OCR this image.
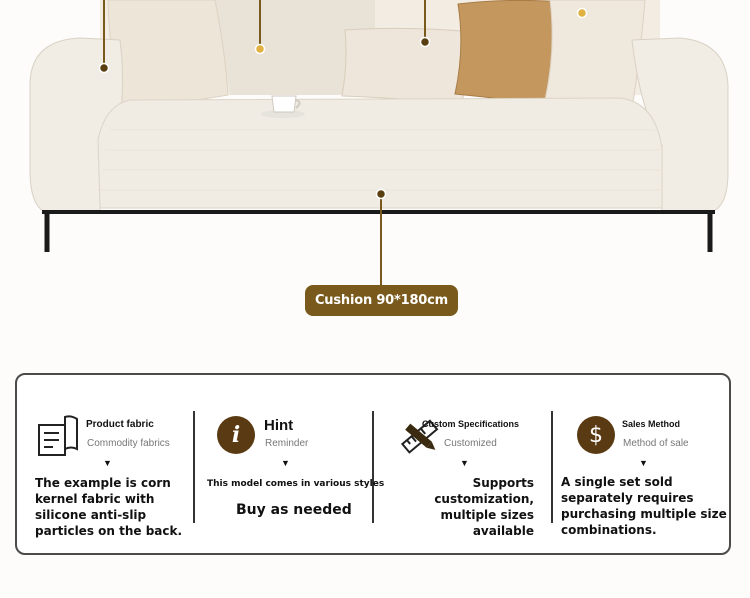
Cushion 90*180cm
Product fabric
Commodity fabrics
▼
The example is corn kernel fabric with silicone anti-slip particles on the back.
i Hint
Reminder
▼
This model comes in various styles
Buy as needed
Custom Specifications
Customized
▼
Supports customization, multiple sizes available
$ Sales Method
Method of sale
▼
A single set sold separately requires purchasing multiple size combinations.
